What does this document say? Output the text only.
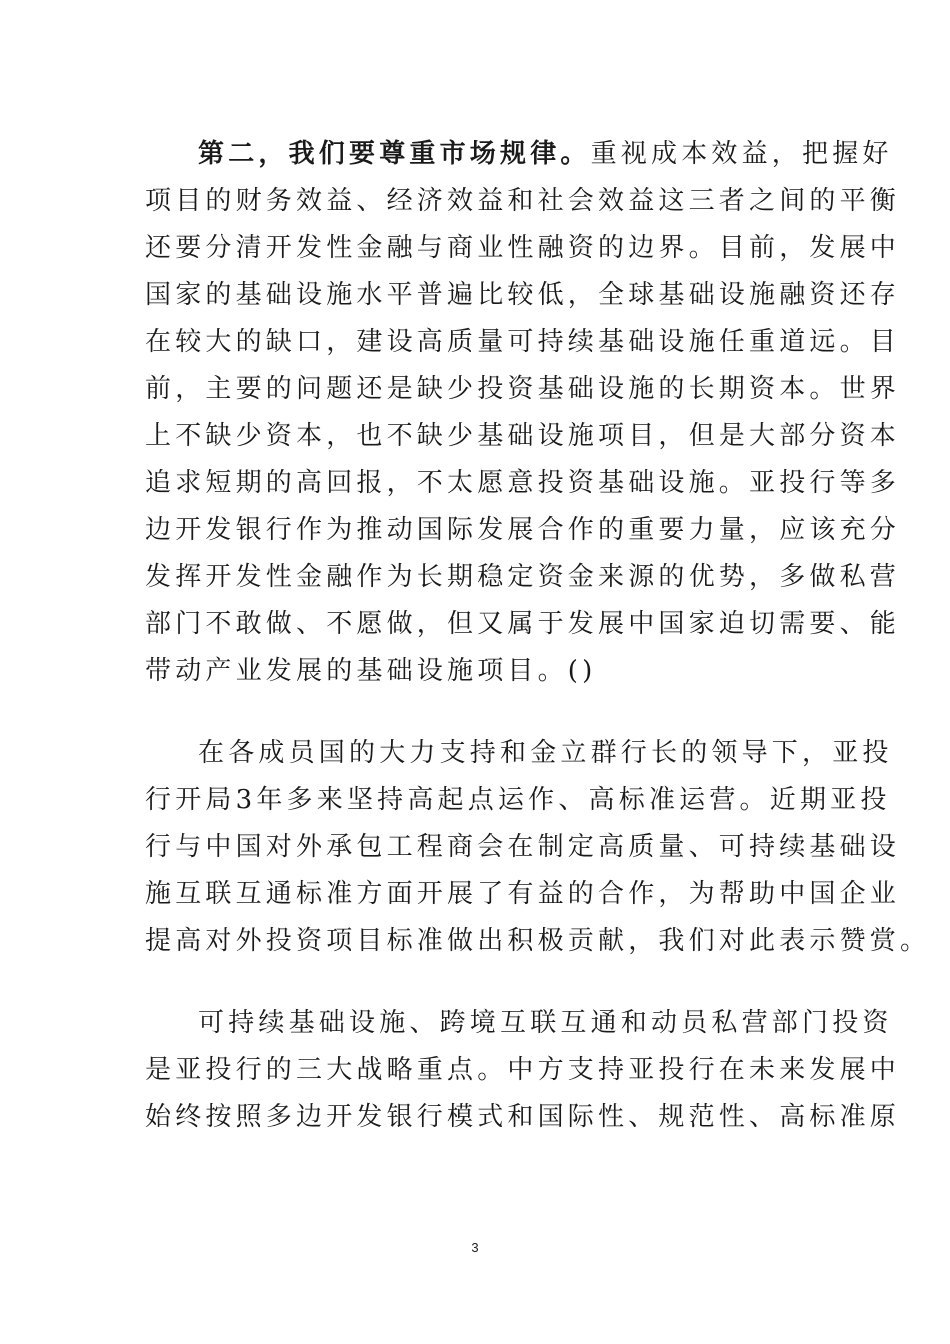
第二，我们要尊重市场规律。重视成本效益，把握好
项目的财务效益、经济效益和社会效益这三者之间的平衡
还要分清开发性金融与商业性融资的边界。目前，发展中
国家的基础设施水平普遍比较低，全球基础设施融资还存
在较大的缺口，建设高质量可持续基础设施任重道远。目
前，主要的问题还是缺少投资基础设施的长期资本。世界
上不缺少资本，也不缺少基础设施项目，但是大部分资本
追求短期的高回报，不太愿意投资基础设施。亚投行等多
边开发银行作为推动国际发展合作的重要力量，应该充分
发挥开发性金融作为长期稳定资金来源的优势，多做私营
部门不敢做、不愿做，但又属于发展中国家迫切需要、能
带动产业发展的基础设施项目。()
在各成员国的大力支持和金立群行长的领导下，亚投
行开局3年多来坚持高起点运作、高标准运营。近期亚投
行与中国对外承包工程商会在制定高质量、可持续基础设
施互联互通标准方面开展了有益的合作，为帮助中国企业
提高对外投资项目标准做出积极贡献，我们对此表示赞赏。
可持续基础设施、跨境互联互通和动员私营部门投资
是亚投行的三大战略重点。中方支持亚投行在未来发展中
始终按照多边开发银行模式和国际性、规范性、高标准原
3
